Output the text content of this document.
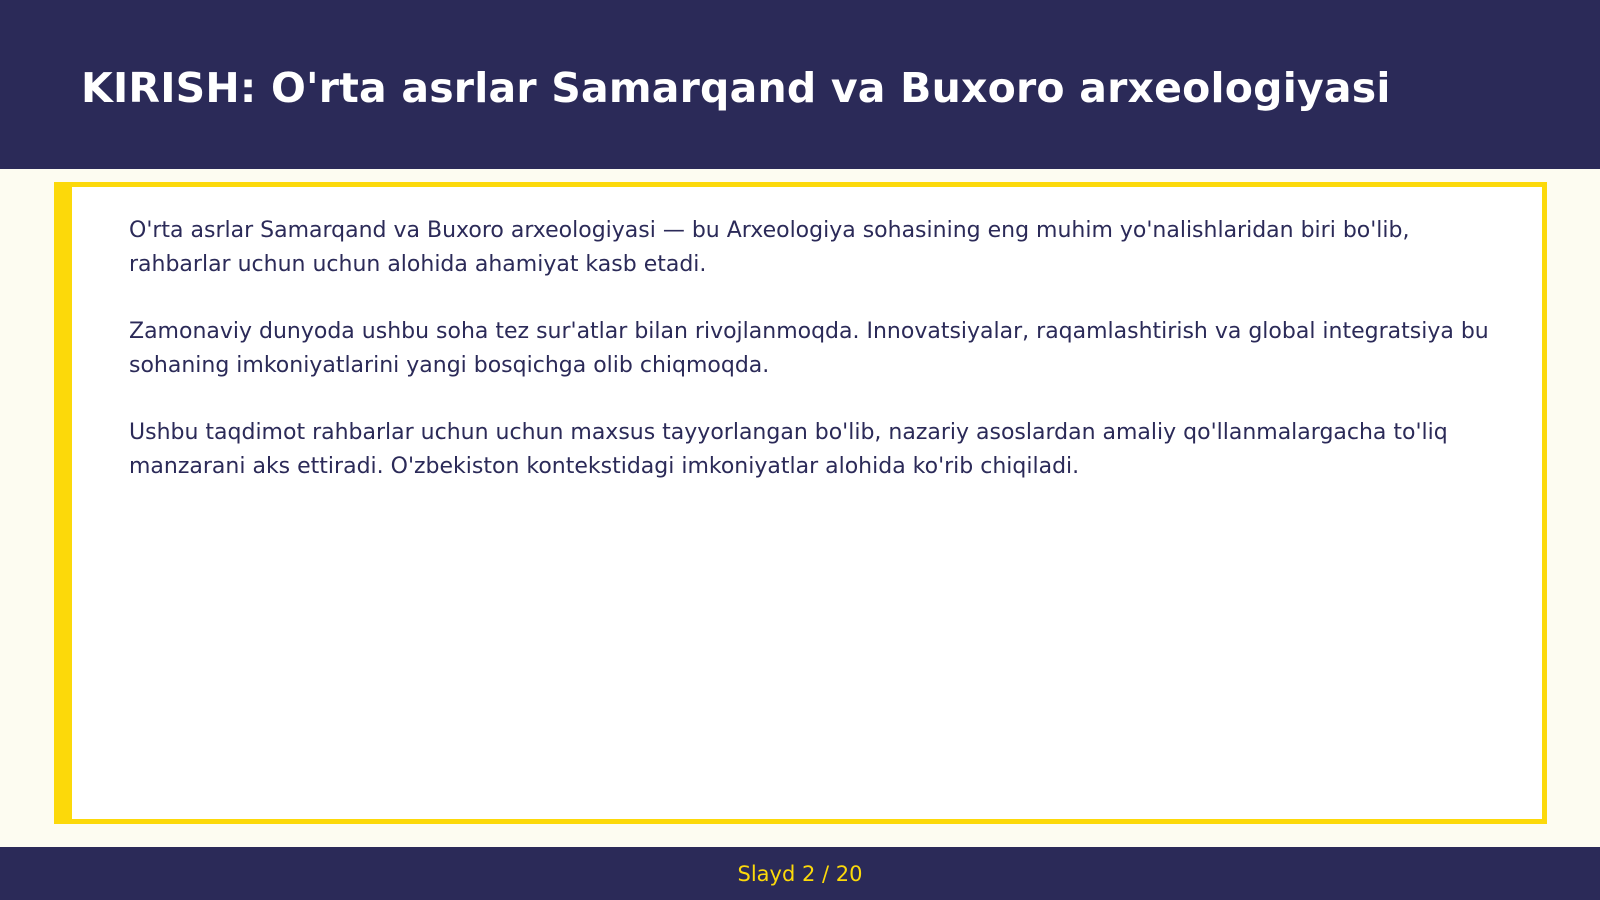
KIRISH: O'rta asrlar Samarqand va Buxoro arxeologiyasi

O'rta asrlar Samarqand va Buxoro arxeologiyasi — bu Arxeologiya sohasining eng muhim yo'nalishlaridan biri bo'lib, rahbarlar uchun uchun alohida ahamiyat kasb etadi.

Zamonaviy dunyoda ushbu soha tez sur'atlar bilan rivojlanmoqda. Innovatsiyalar, raqamlashtirish va global integratsiya bu sohaning imkoniyatlarini yangi bosqichga olib chiqmoqda.

Ushbu taqdimot rahbarlar uchun uchun maxsus tayyorlangan bo'lib, nazariy asoslardan amaliy qo'llanmalargacha to'liq manzarani aks ettiradi. O'zbekiston kontekstidagi imkoniyatlar alohida ko'rib chiqiladi.

Slayd 2 / 20
